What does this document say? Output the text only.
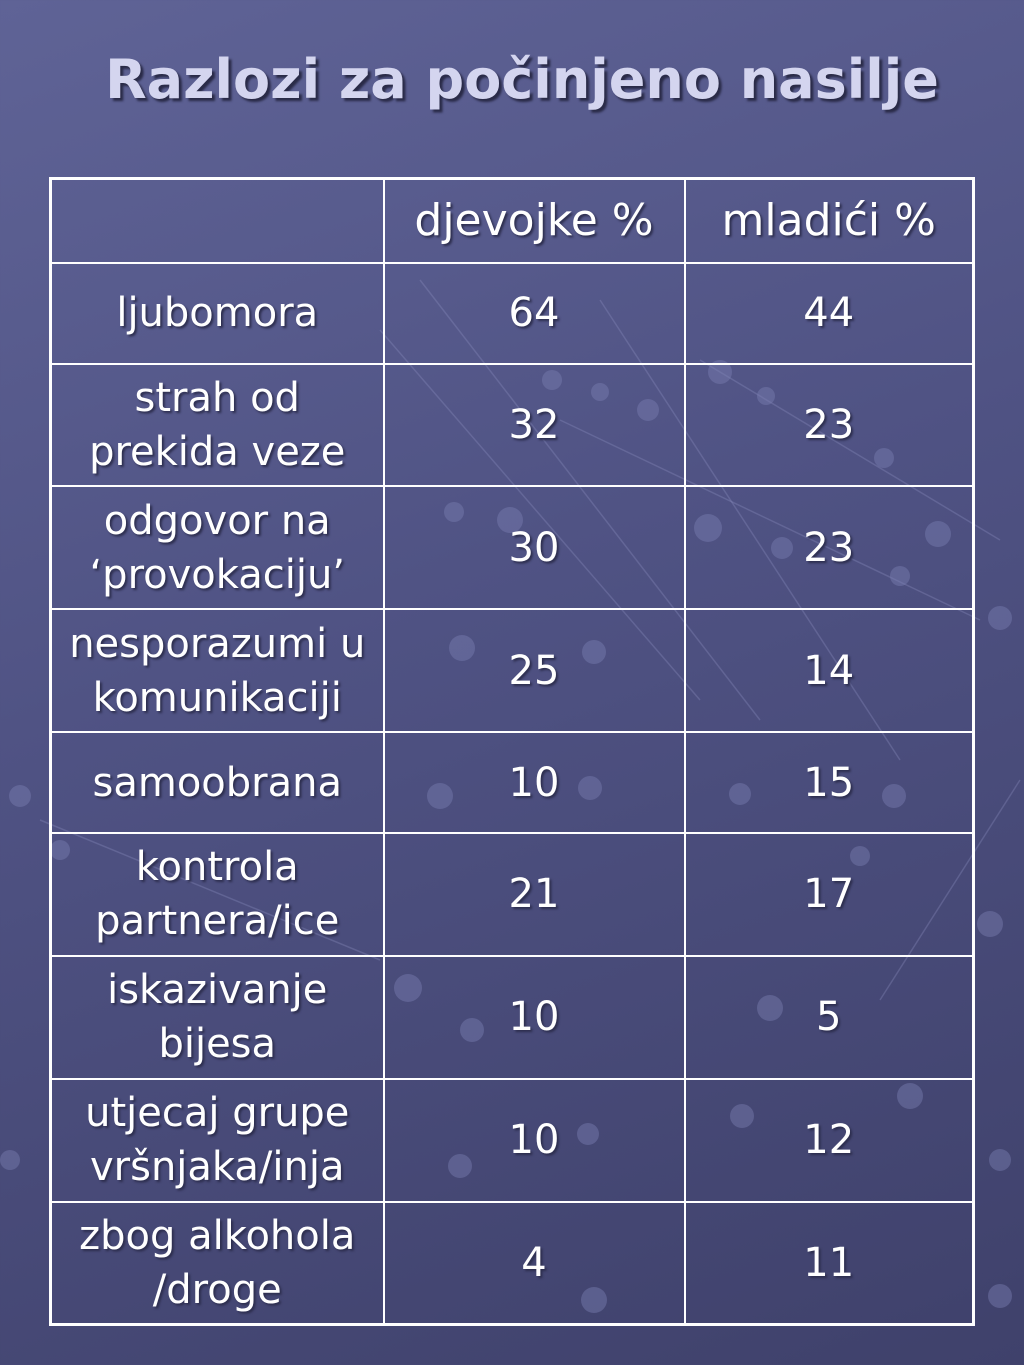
Razlozi za počinjeno nasilje
	djevojke %	mladići %
ljubomora	64	44
strah od prekida veze	32	23
odgovor na ‘provokaciju’	30	23
nesporazumi u komunikaciji	25	14
samoobrana	10	15
kontrola partnera/ice	21	17
iskazivanje bijesa	10	5
utjecaj grupe vršnjaka/inja	10	12
zbog alkohola /droge	4	11
